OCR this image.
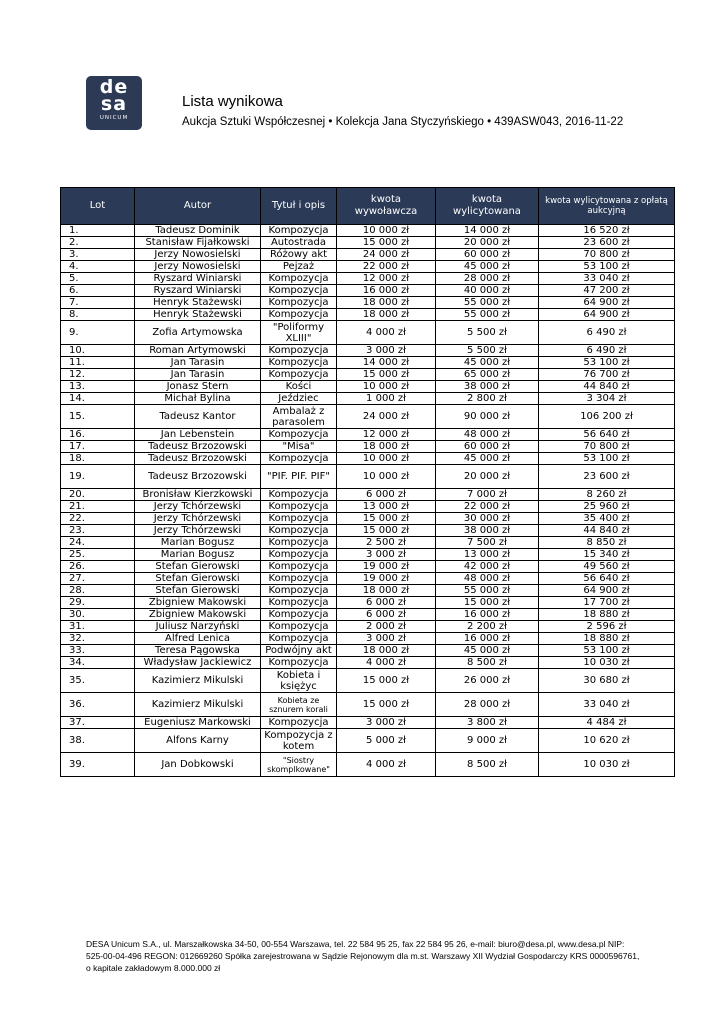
de
sa
UNICUM
Lista wynikowa
Aukcja Sztuki Współczesnej • Kolekcja Jana Styczyńskiego • 439ASW043, 2016-11-22
Lot	Autor	Tytuł i opis	kwota wywoławcza	kwota wylicytowana	kwota wylicytowana z opłatą aukcyjną
1.	Tadeusz Dominik	Kompozycja	10 000 zł	14 000 zł	16 520 zł
2.	Stanisław Fijałkowski	Autostrada	15 000 zł	20 000 zł	23 600 zł
3.	Jerzy Nowosielski	Różowy akt	24 000 zł	60 000 zł	70 800 zł
4.	Jerzy Nowosielski	Pejzaż	22 000 zł	45 000 zł	53 100 zł
5.	Ryszard Winiarski	Kompozycja	12 000 zł	28 000 zł	33 040 zł
6.	Ryszard Winiarski	Kompozycja	16 000 zł	40 000 zł	47 200 zł
7.	Henryk Stażewski	Kompozycja	18 000 zł	55 000 zł	64 900 zł
8.	Henryk Stażewski	Kompozycja	18 000 zł	55 000 zł	64 900 zł
9.	Zofia Artymowska	"Poliformy XLIII"	4 000 zł	5 500 zł	6 490 zł
10.	Roman Artymowski	Kompozycja	3 000 zł	5 500 zł	6 490 zł
11.	Jan Tarasin	Kompozycja	14 000 zł	45 000 zł	53 100 zł
12.	Jan Tarasin	Kompozycja	15 000 zł	65 000 zł	76 700 zł
13.	Jonasz Stern	Kości	10 000 zł	38 000 zł	44 840 zł
14.	Michał Bylina	Jeździec	1 000 zł	2 800 zł	3 304 zł
15.	Tadeusz Kantor	Ambalaż z parasolem	24 000 zł	90 000 zł	106 200 zł
16.	Jan Lebenstein	Kompozycja	12 000 zł	48 000 zł	56 640 zł
17.	Tadeusz Brzozowski	"Misa"	18 000 zł	60 000 zł	70 800 zł
18.	Tadeusz Brzozowski	Kompozycja	10 000 zł	45 000 zł	53 100 zł
19.	Tadeusz Brzozowski	"PIF. PIF. PIF"	10 000 zł	20 000 zł	23 600 zł
20.	Bronisław Kierzkowski	Kompozycja	6 000 zł	7 000 zł	8 260 zł
21.	Jerzy Tchórzewski	Kompozycja	13 000 zł	22 000 zł	25 960 zł
22.	Jerzy Tchórzewski	Kompozycja	15 000 zł	30 000 zł	35 400 zł
23.	Jerzy Tchórzewski	Kompozycja	15 000 zł	38 000 zł	44 840 zł
24.	Marian Bogusz	Kompozycja	2 500 zł	7 500 zł	8 850 zł
25.	Marian Bogusz	Kompozycja	3 000 zł	13 000 zł	15 340 zł
26.	Stefan Gierowski	Kompozycja	19 000 zł	42 000 zł	49 560 zł
27.	Stefan Gierowski	Kompozycja	19 000 zł	48 000 zł	56 640 zł
28.	Stefan Gierowski	Kompozycja	18 000 zł	55 000 zł	64 900 zł
29.	Zbigniew Makowski	Kompozycja	6 000 zł	15 000 zł	17 700 zł
30.	Zbigniew Makowski	Kompozycja	6 000 zł	16 000 zł	18 880 zł
31.	Juliusz Narzyński	Kompozycja	2 000 zł	2 200 zł	2 596 zł
32.	Alfred Lenica	Kompozycja	3 000 zł	16 000 zł	18 880 zł
33.	Teresa Pągowska	Podwójny akt	18 000 zł	45 000 zł	53 100 zł
34.	Władysław Jackiewicz	Kompozycja	4 000 zł	8 500 zł	10 030 zł
35.	Kazimierz Mikulski	Kobieta i księżyc	15 000 zł	26 000 zł	30 680 zł
36.	Kazimierz Mikulski	Kobieta ze sznurem korali	15 000 zł	28 000 zł	33 040 zł
37.	Eugeniusz Markowski	Kompozycja	3 000 zł	3 800 zł	4 484 zł
38.	Alfons Karny	Kompozycja z kotem	5 000 zł	9 000 zł	10 620 zł
39.	Jan Dobkowski	"Siostry skomplkowane"	4 000 zł	8 500 zł	10 030 zł
DESA Unicum S.A., ul. Marszałkowska 34-50, 00-554 Warszawa, tel. 22 584 95 25, fax 22 584 95 26, e-mail: biuro@desa.pl, www.desa.pl NIP:
525-00-04-496 REGON: 012669260 Spółka zarejestrowana w Sądzie Rejonowym dla m.st. Warszawy XII Wydział Gospodarczy KRS 0000596761,
o kapitale zakładowym 8.000.000 zł
